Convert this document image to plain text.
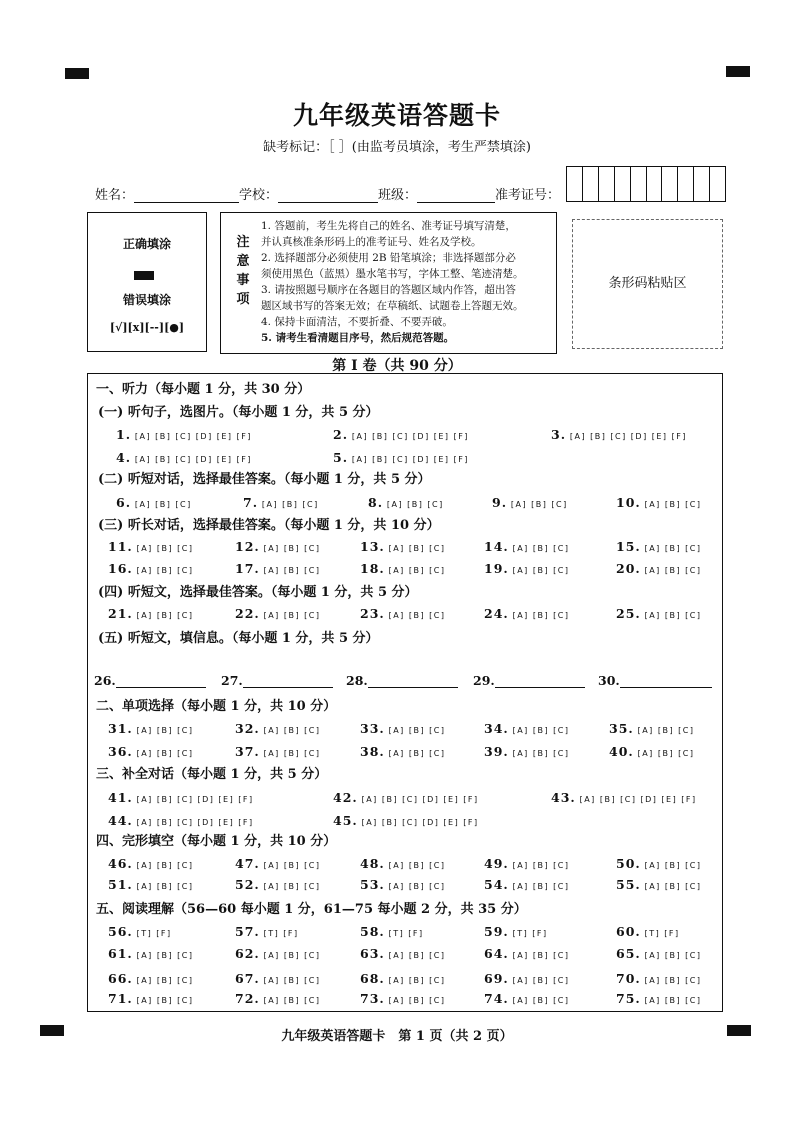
九年级英语答题卡
缺考标记：［ ］(由监考员填涂，考生严禁填涂)
姓名：	学校：	班级：	准考证号：
正确填涂
错误填涂
[√][x][--][●]
注意事项
1. 答题前，考生先将自己的姓名、准考证号填写清楚，
并认真核准条形码上的准考证号、姓名及学校。
2. 选择题部分必须使用 2B 铅笔填涂；非选择题部分必
须使用黑色（蓝黑）墨水笔书写，字体工整、笔迹清楚。
3. 请按照题号顺序在各题目的答题区域内作答，超出答
题区域书写的答案无效；在草稿纸、试题卷上答题无效。
4. 保持卡面清洁，不要折叠、不要弄破。
5. 请考生看清题目序号，然后规范答题。
条形码粘贴区
第 I 卷（共 90 分）
一、听力（每小题 1 分，共 30 分）
(一) 听句子，选图片。（每小题 1 分，共 5 分）
1. [A] [B] [C] [D] [E] [F]	2. [A] [B] [C] [D] [E] [F]	3. [A] [B] [C] [D] [E] [F]
4. [A] [B] [C] [D] [E] [F]	5. [A] [B] [C] [D] [E] [F]
(二) 听短对话，选择最佳答案。（每小题 1 分，共 5 分）
6. [A] [B] [C]	7. [A] [B] [C]	8. [A] [B] [C]	9. [A] [B] [C]	10. [A] [B] [C]
(三) 听长对话，选择最佳答案。（每小题 1 分，共 10 分）
11. [A] [B] [C]	12. [A] [B] [C]	13. [A] [B] [C]	14. [A] [B] [C]	15. [A] [B] [C]
16. [A] [B] [C]	17. [A] [B] [C]	18. [A] [B] [C]	19. [A] [B] [C]	20. [A] [B] [C]
(四) 听短文，选择最佳答案。（每小题 1 分，共 5 分）
21. [A] [B] [C]	22. [A] [B] [C]	23. [A] [B] [C]	24. [A] [B] [C]	25. [A] [B] [C]
(五) 听短文，填信息。（每小题 1 分，共 5 分）
26.	27.	28.	29.	30.
二、单项选择（每小题 1 分，共 10 分）
31. [A] [B] [C]	32. [A] [B] [C]	33. [A] [B] [C]	34. [A] [B] [C]	35. [A] [B] [C]
36. [A] [B] [C]	37. [A] [B] [C]	38. [A] [B] [C]	39. [A] [B] [C]	40. [A] [B] [C]
三、补全对话（每小题 1 分，共 5 分）
41. [A] [B] [C] [D] [E] [F]	42. [A] [B] [C] [D] [E] [F]	43. [A] [B] [C] [D] [E] [F]
44. [A] [B] [C] [D] [E] [F]	45. [A] [B] [C] [D] [E] [F]
四、完形填空（每小题 1 分，共 10 分）
46. [A] [B] [C]	47. [A] [B] [C]	48. [A] [B] [C]	49. [A] [B] [C]	50. [A] [B] [C]
51. [A] [B] [C]	52. [A] [B] [C]	53. [A] [B] [C]	54. [A] [B] [C]	55. [A] [B] [C]
五、阅读理解（56—60 每小题 1 分，61—75 每小题 2 分，共 35 分）
56. [T] [F]	57. [T] [F]	58. [T] [F]	59. [T] [F]	60. [T] [F]
61. [A] [B] [C]	62. [A] [B] [C]	63. [A] [B] [C]	64. [A] [B] [C]	65. [A] [B] [C]
66. [A] [B] [C]	67. [A] [B] [C]	68. [A] [B] [C]	69. [A] [B] [C]	70. [A] [B] [C]
71. [A] [B] [C]	72. [A] [B] [C]	73. [A] [B] [C]	74. [A] [B] [C]	75. [A] [B] [C]
九年级英语答题卡　第 1 页（共 2 页）
